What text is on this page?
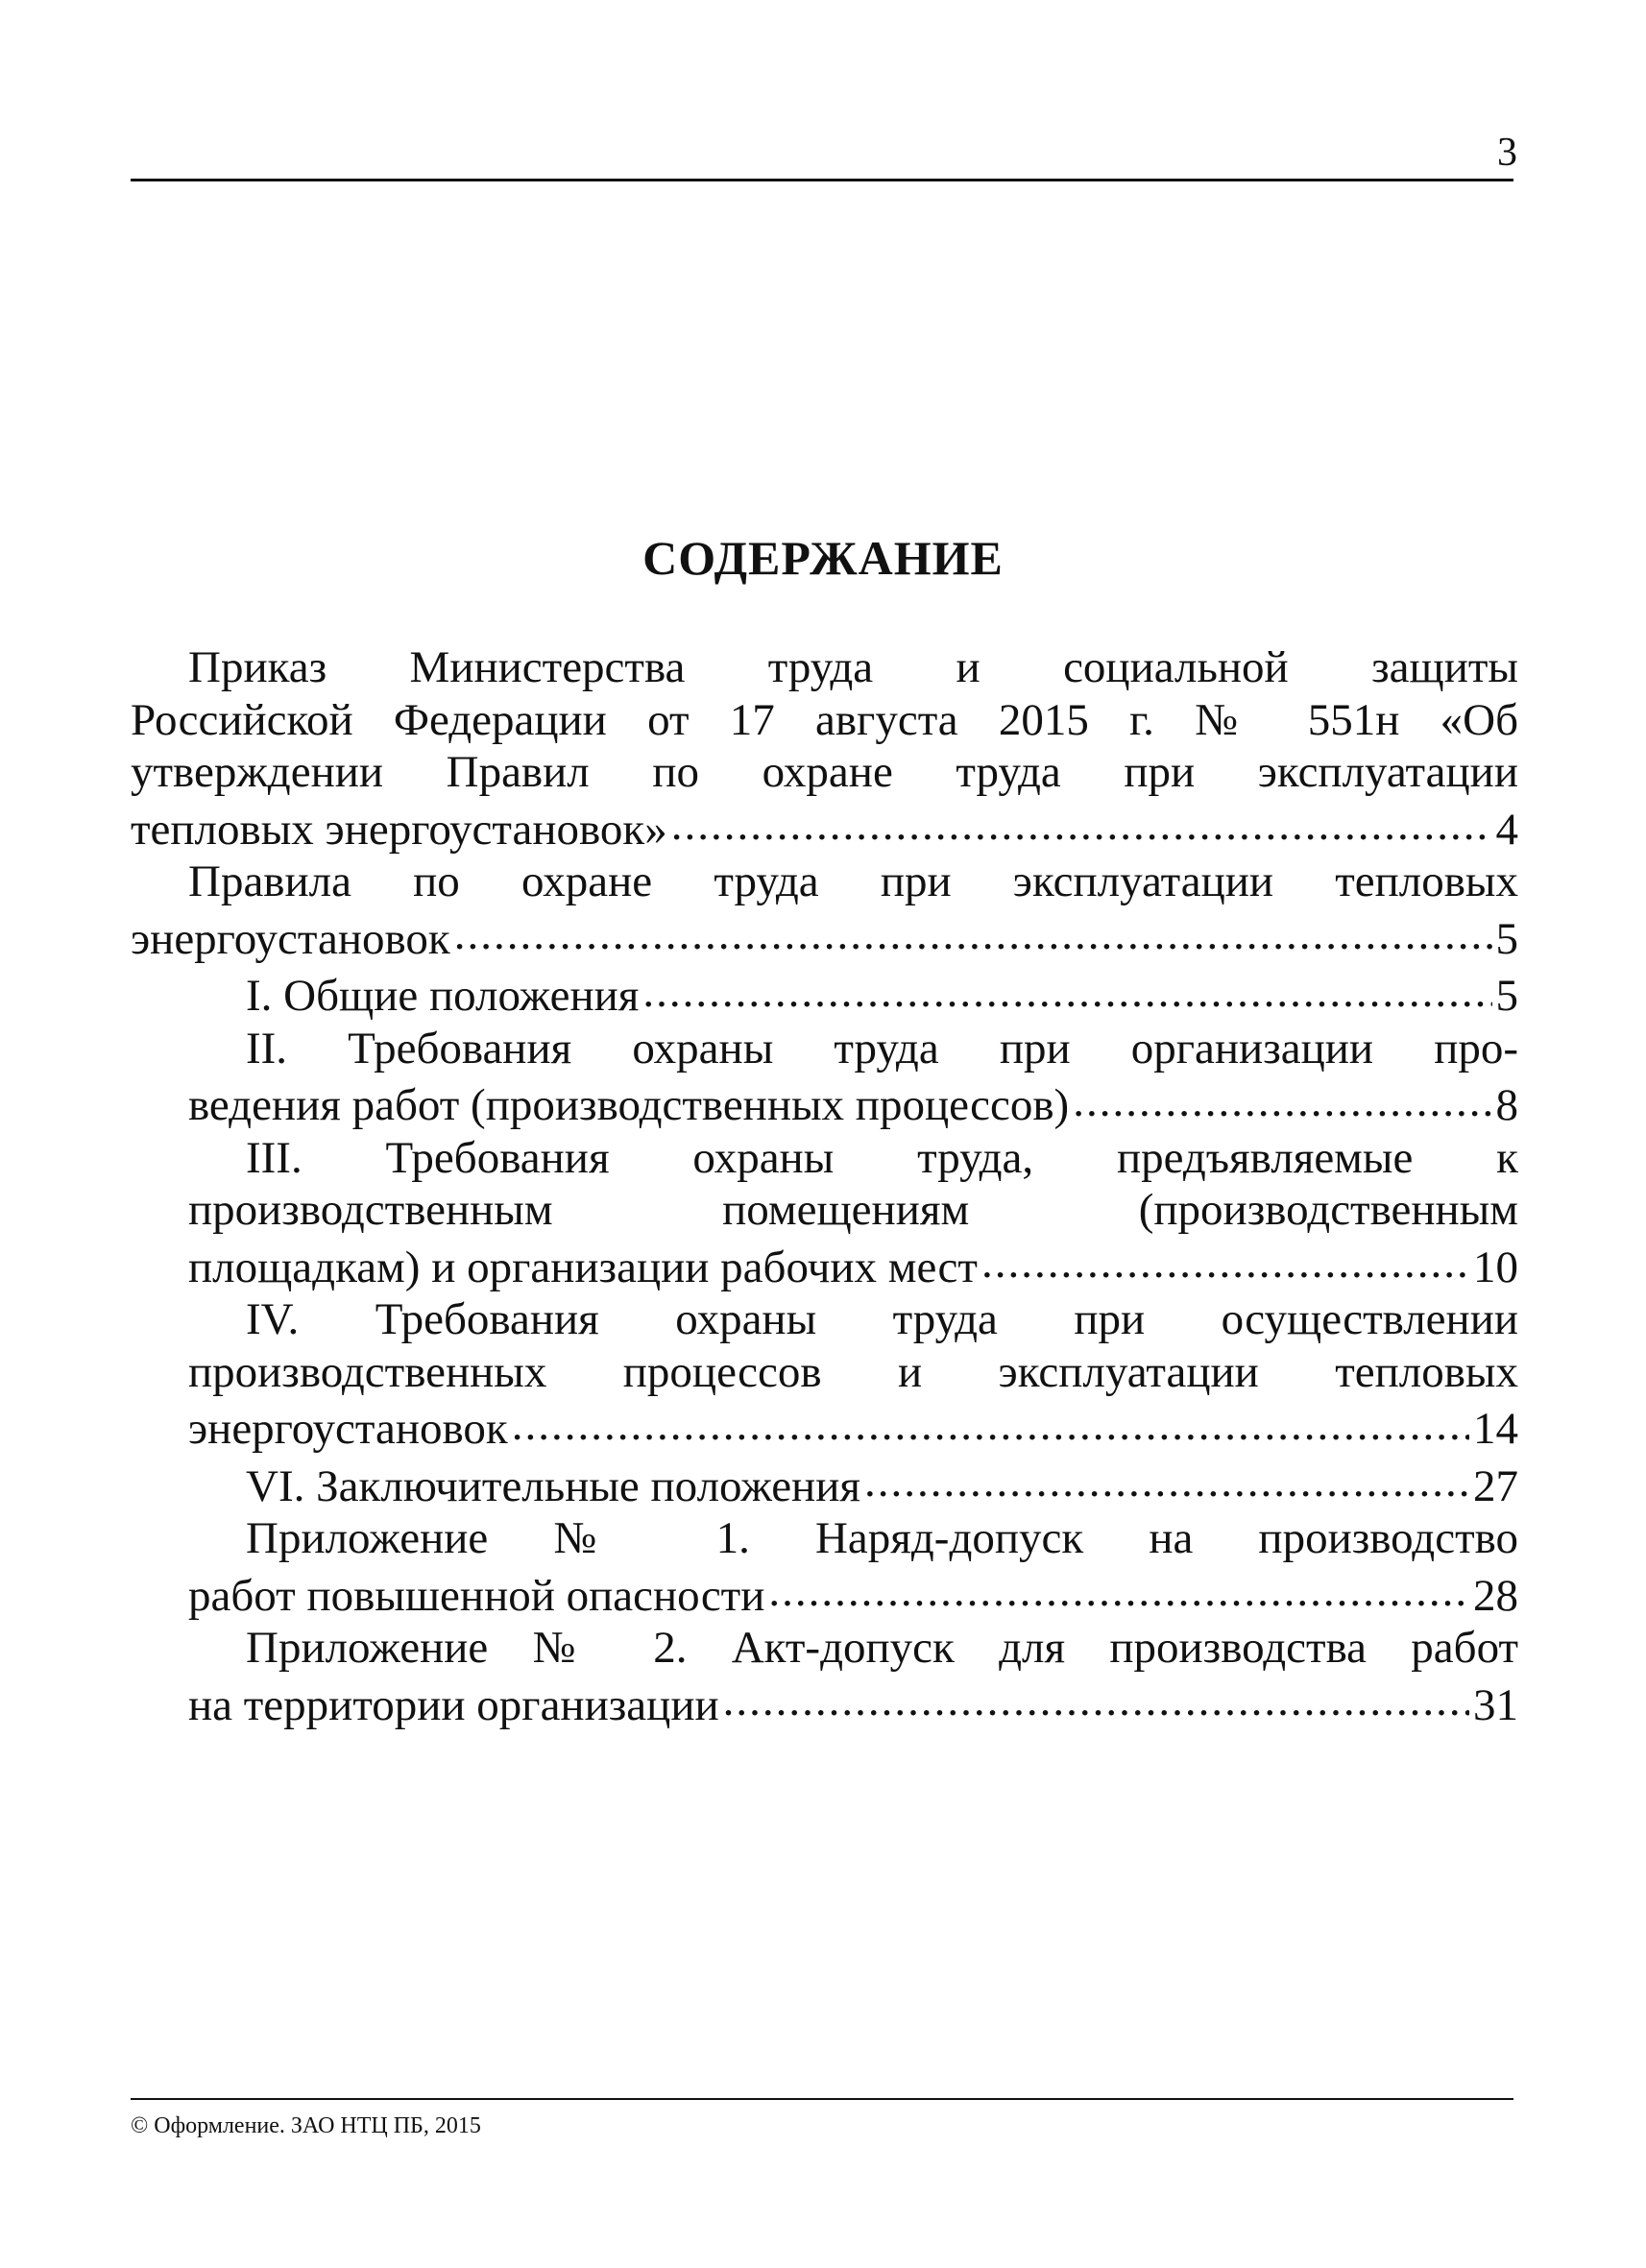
3
СОДЕРЖАНИЕ
Приказ Министерства труда и социальной защиты
Российской Федерации от 17 августа 2015 г. № 551н «Об
утверждении Правил по охране труда при эксплуатации
тепловых энергоустановок» .....	4
Правила по охране труда при эксплуатации тепловых
энергоустановок .....	5
I. Общие положения .....	5
II. Требования охраны труда при организации про-
ведения работ (производственных процессов) .....	8
III. Требования охраны труда, предъявляемые к
производственным помещениям (производственным
площадкам) и организации рабочих мест .....	10
IV. Требования охраны труда при осуществлении
производственных процессов и эксплуатации тепловых
энергоустановок .....	14
VI. Заключительные положения .....	27
Приложение № 1. Наряд-допуск на производство
работ повышенной опасности .....	28
Приложение № 2. Акт-допуск для производства работ
на территории организации .....	31
© Оформление. ЗАО НТЦ ПБ, 2015
